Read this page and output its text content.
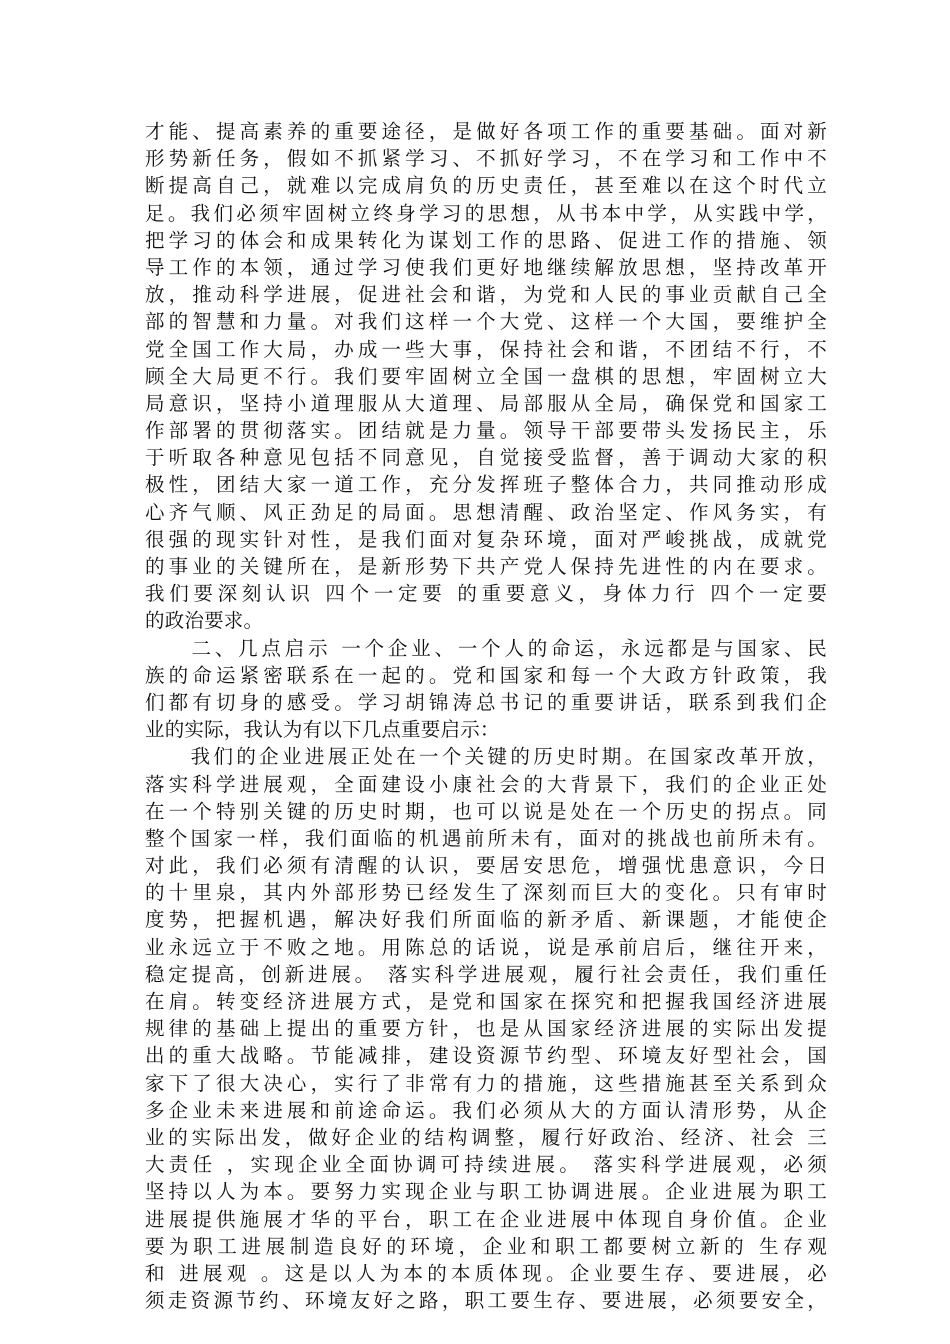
才能、提高素养的重要途径，是做好各项工作的重要基础。面对新
形势新任务，假如不抓紧学习、不抓好学习，不在学习和工作中不
断提高自己，就难以完成肩负的历史责任，甚至难以在这个时代立
足。我们必须牢固树立终身学习的思想，从书本中学，从实践中学，
把学习的体会和成果转化为谋划工作的思路、促进工作的措施、领
导工作的本领，通过学习使我们更好地继续解放思想，坚持改革开
放，推动科学进展，促进社会和谐，为党和人民的事业贡献自己全
部的智慧和力量。对我们这样一个大党、这样一个大国，要维护全
党全国工作大局，办成一些大事，保持社会和谐，不团结不行，不
顾全大局更不行。我们要牢固树立全国一盘棋的思想，牢固树立大
局意识，坚持小道理服从大道理、局部服从全局，确保党和国家工
作部署的贯彻落实。团结就是力量。领导干部要带头发扬民主，乐
于听取各种意见包括不同意见，自觉接受监督，善于调动大家的积
极性，团结大家一道工作，充分发挥班子整体合力，共同推动形成
心齐气顺、风正劲足的局面。思想清醒、政治坚定、作风务实，有
很强的现实针对性，是我们面对复杂环境，面对严峻挑战，成就党
的事业的关键所在，是新形势下共产党人保持先进性的内在要求。
我们要深刻认识 四个一定要 的重要意义，身体力行 四个一定要
的政治要求。
　　二、几点启示 一个企业、一个人的命运，永远都是与国家、民
族的命运紧密联系在一起的。党和国家和每一个大政方针政策，我
们都有切身的感受。学习胡锦涛总书记的重要讲话，联系到我们企
业的实际，我认为有以下几点重要启示：
　　我们的企业进展正处在一个关键的历史时期。在国家改革开放，
落实科学进展观，全面建设小康社会的大背景下，我们的企业正处
在一个特别关键的历史时期，也可以说是处在一个历史的拐点。同
整个国家一样，我们面临的机遇前所未有，面对的挑战也前所未有。
对此，我们必须有清醒的认识，要居安思危，增强忧患意识，今日
的十里泉，其内外部形势已经发生了深刻而巨大的变化。只有审时
度势，把握机遇，解决好我们所面临的新矛盾、新课题，才能使企
业永远立于不败之地。用陈总的话说，说是承前启后，继往开来，
稳定提高，创新进展。 落实科学进展观，履行社会责任，我们重任
在肩。转变经济进展方式，是党和国家在探究和把握我国经济进展
规律的基础上提出的重要方针，也是从国家经济进展的实际出发提
出的重大战略。节能减排，建设资源节约型、环境友好型社会，国
家下了很大决心，实行了非常有力的措施，这些措施甚至关系到众
多企业未来进展和前途命运。我们必须从大的方面认清形势，从企
业的实际出发，做好企业的结构调整，履行好政治、经济、社会 三
大责任 ，实现企业全面协调可持续进展。 落实科学进展观，必须
坚持以人为本。要努力实现企业与职工协调进展。企业进展为职工
进展提供施展才华的平台，职工在企业进展中体现自身价值。企业
要为职工进展制造良好的环境，企业和职工都要树立新的 生存观
和 进展观 。这是以人为本的本质体现。企业要生存、要进展，必
须走资源节约、环境友好之路，职工要生存、要进展，必须要安全，
